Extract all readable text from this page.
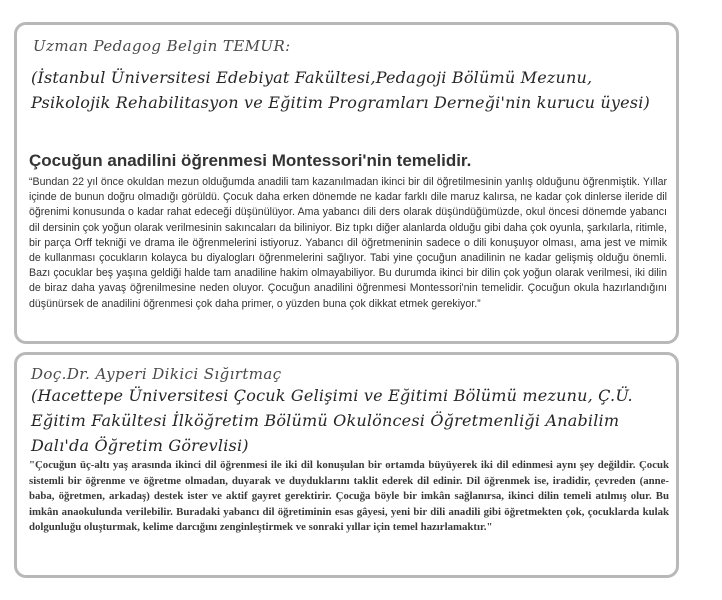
Uzman Pedagog Belgin TEMUR:
(İstanbul Üniversitesi Edebiyat Fakültesi,Pedagoji Bölümü Mezunu, Psikolojik Rehabilitasyon ve Eğitim Programları Derneği'nin kurucu üyesi)
Çocuğun anadilini öğrenmesi Montessori'nin temelidir.
“Bundan 22 yıl önce okuldan mezun olduğumda anadili tam kazanılmadan ikinci bir dil öğretilmesinin yanlış olduğunu öğrenmiştik. Yıllar içinde de bunun doğru olmadığı görüldü. Çocuk daha erken dönemde ne kadar farklı dile maruz kalırsa, ne kadar çok dinlerse ileride dil öğrenimi konusunda o kadar rahat edeceği düşünülüyor. Ama yabancı dili ders olarak düşündüğümüzde, okul öncesi dönemde yabancı dil dersinin çok yoğun olarak verilmesinin sakıncaları da biliniyor. Biz tıpkı diğer alanlarda olduğu gibi daha çok oyunla, şarkılarla, ritimle, bir parça Orff tekniği ve drama ile öğrenmelerini istiyoruz. Yabancı dil öğretmeninin sadece o dili konuşuyor olması, ama jest ve mimik de kullanması çocukların kolayca bu diyalogları öğrenmelerini sağlıyor. Tabi yine çocuğun anadilinin ne kadar gelişmiş olduğu önemli. Bazı çocuklar beş yaşına geldiği halde tam anadiline hakim olmayabiliyor. Bu durumda ikinci bir dilin çok yoğun olarak verilmesi, iki dilin de biraz daha yavaş öğrenilmesine neden oluyor. Çocuğun anadilini öğrenmesi Montessori'nin temelidir. Çocuğun okula hazırlandığını düşünürsek de anadilini öğrenmesi çok daha primer, o yüzden buna çok dikkat etmek gerekiyor.”
Doç.Dr. Ayperi Dikici Sığırtmaç
(Hacettepe Üniversitesi Çocuk Gelişimi ve Eğitimi Bölümü mezunu, Ç.Ü. Eğitim Fakültesi İlköğretim Bölümü Okulöncesi Öğretmenliği Anabilim Dalı'da Öğretim Görevlisi)
"Çocuğun üç-altı yaş arasında ikinci dil öğrenmesi ile iki dil konuşulan bir ortamda büyüyerek iki dil edinmesi aynı şey değildir. Çocuk sistemli bir öğrenme ve öğretme olmadan, duyarak ve duyduklarını taklit ederek dil edinir. Dil öğrenmek ise, iradidir, çevreden (anne-baba, öğretmen, arkadaş) destek ister ve aktif gayret gerektirir. Çocuğa böyle bir imkân sağlanırsa, ikinci dilin temeli atılmış olur. Bu imkân anaokulunda verilebilir. Buradaki yabancı dil öğretiminin esas gâyesi, yeni bir dili anadili gibi öğretmekten çok, çocuklarda kulak dolgunluğu oluşturmak, kelime darcığını zenginleştirmek ve sonraki yıllar için temel hazırlamaktır."
